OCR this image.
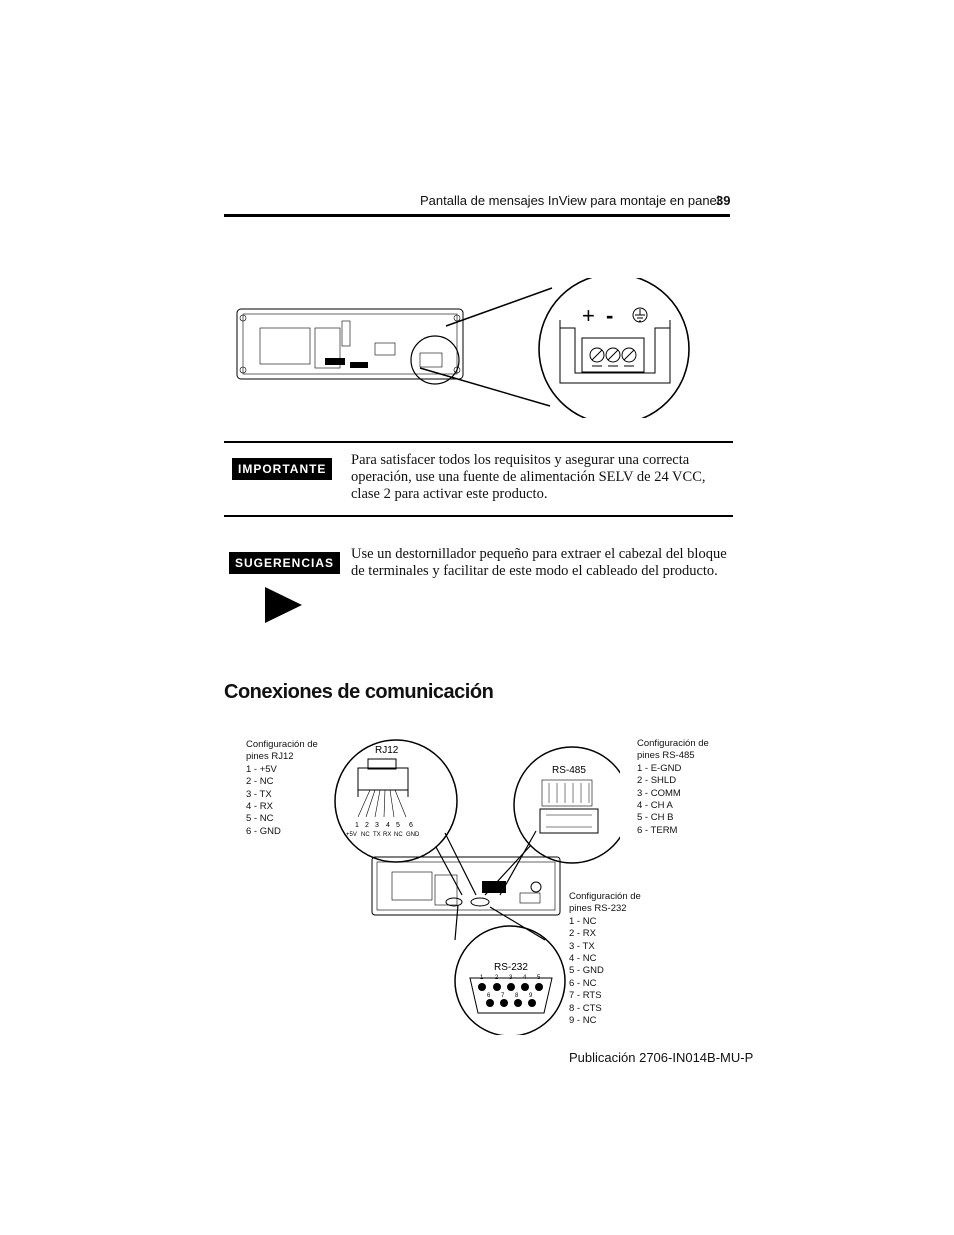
Pantalla de mensajes InView para montaje en panel
39
+ -
IMPORTANTE
Para satisfacer todos los requisitos y asegurar una correcta operación, use una fuente de alimentación SELV de 24 VCC, clase 2 para activar este producto.
SUGERENCIAS
Use un destornillador pequeño para extraer el cabezal del bloque de terminales y facilitar de este modo el cableado del producto.
Conexiones de comunicación
Configuración de
pines RJ12
1 - +5V
2 - NC
3 - TX
4 - RX
5 - NC
6 - GND
Configuración de
pines RS-485
1 - E-GND
2 - SHLD
3 - COMM
4 - CH A
5 - CH B
6 - TERM
Configuración de
pines RS-232
1 - NC
2 - RX
3 - TX
4 - NC
5 - GND
6 - NC
7 - RTS
8 - CTS
9 - NC
RJ12
1 2 3 4 5 6
+5V NC TX RX NC GND
RS-485
RS-232
1 2 3 4 5
6 7 8 9
Publicación 2706-IN014B-MU-P
